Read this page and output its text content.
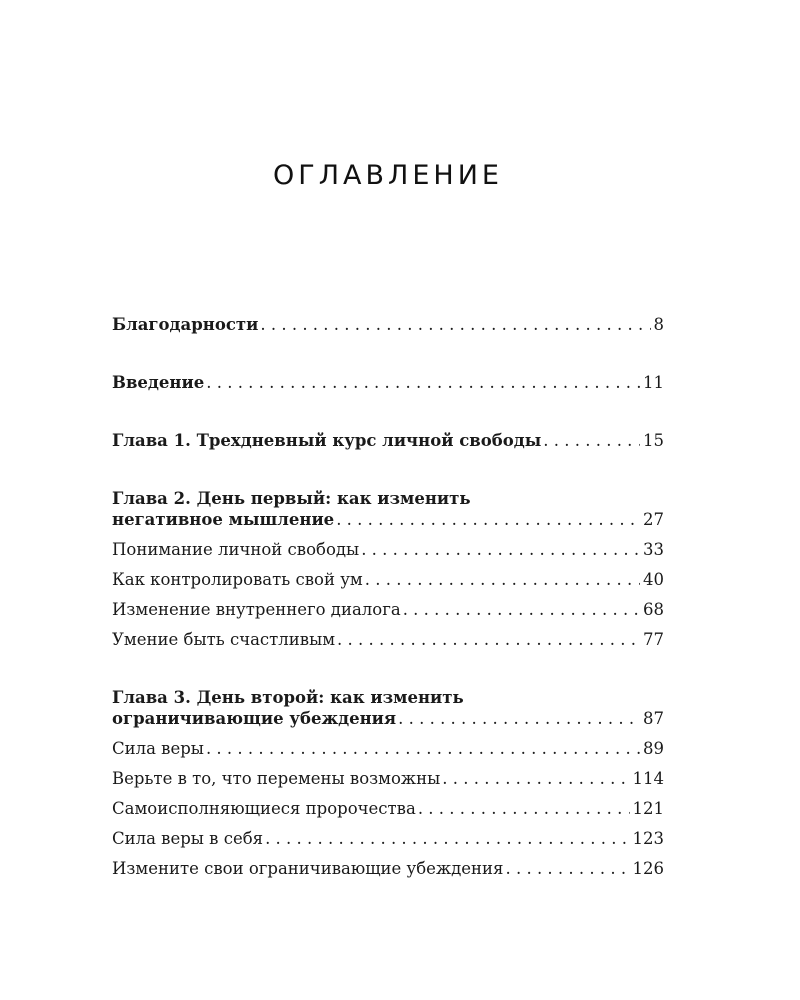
ОГЛАВЛЕНИЕ
Благодарности . . .	8
Введение . . .	11
Глава 1. Трехдневный курс личной свободы . . .	15
Глава 2. День первый: как изменить
негативное мышление . . .	27
Понимание личной свободы . . .	33
Как контролировать свой ум . . .	40
Изменение внутреннего диалога . . .	68
Умение быть счастливым . . .	77
Глава 3. День второй: как изменить
ограничивающие убеждения . . .	87
Сила веры . . .	89
Верьте в то, что перемены возможны . . .	114
Самоисполняющиеся пророчества . . .	121
Сила веры в себя . . .	123
Измените свои ограничивающие убеждения . . .	126
